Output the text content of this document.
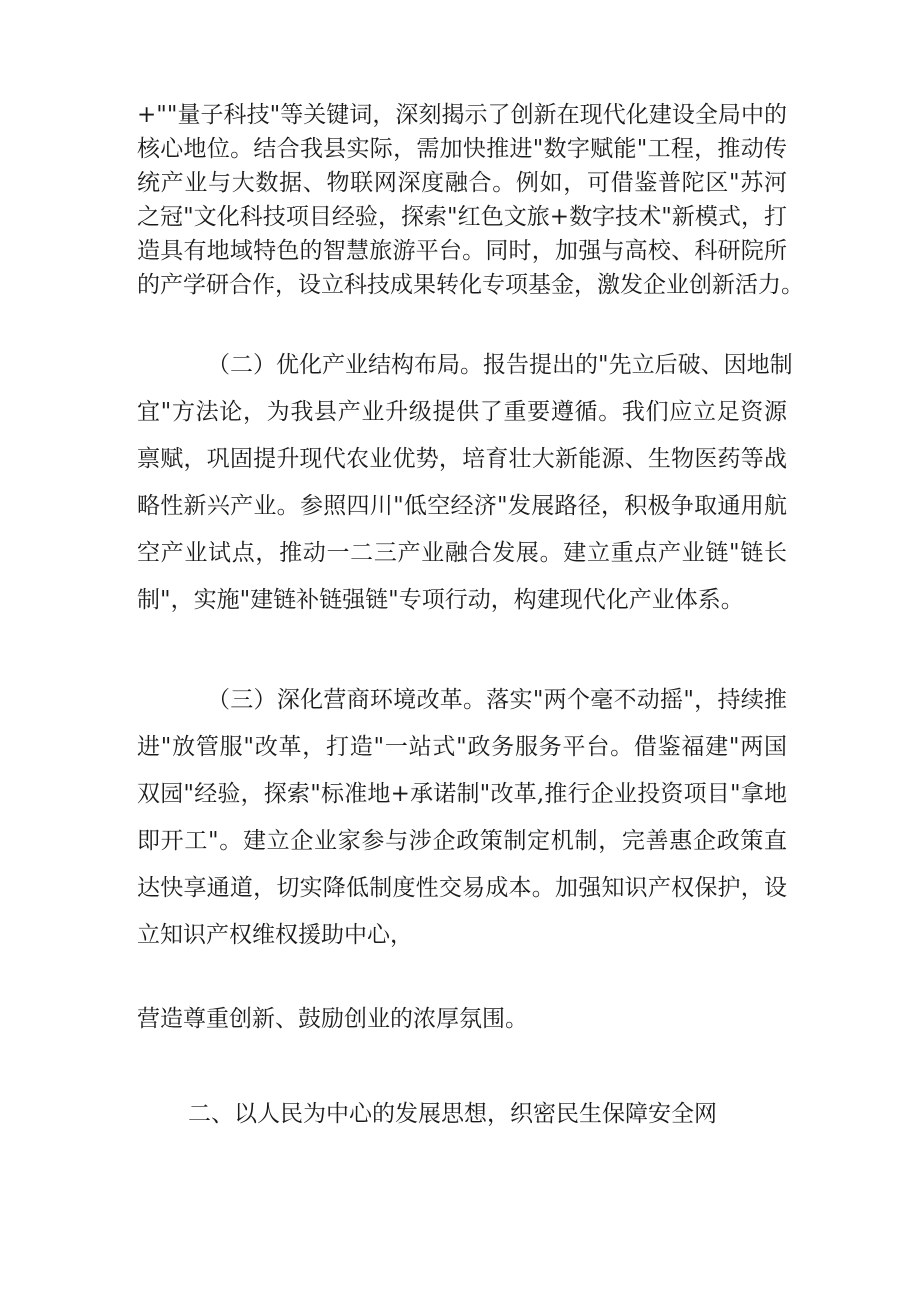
+""量子科技"等关键词，深刻揭示了创新在现代化建设全局中的
核心地位。结合我县实际，需加快推进"数字赋能"工程，推动传
统产业与大数据、物联网深度融合。例如，可借鉴普陀区"苏河
之冠"文化科技项目经验，探索"红色文旅+数字技术"新模式，打
造具有地域特色的智慧旅游平台。同时，加强与高校、科研院所
的产学研合作，设立科技成果转化专项基金，激发企业创新活力。
（二）优化产业结构布局。报告提出的"先立后破、因地制
宜"方法论，为我县产业升级提供了重要遵循。我们应立足资源
禀赋，巩固提升现代农业优势，培育壮大新能源、生物医药等战
略性新兴产业。参照四川"低空经济"发展路径，积极争取通用航
空产业试点，推动一二三产业融合发展。建立重点产业链"链长
制"，实施"建链补链强链"专项行动，构建现代化产业体系。
（三）深化营商环境改革。落实"两个毫不动摇"，持续推
进"放管服"改革，打造"一站式"政务服务平台。借鉴福建"两国
双园"经验，探索"标准地+承诺制"改革,推行企业投资项目"拿地
即开工"。建立企业家参与涉企政策制定机制，完善惠企政策直
达快享通道，切实降低制度性交易成本。加强知识产权保护，设
立知识产权维权援助中心，
营造尊重创新、鼓励创业的浓厚氛围。
二、以人民为中心的发展思想，织密民生保障安全网
